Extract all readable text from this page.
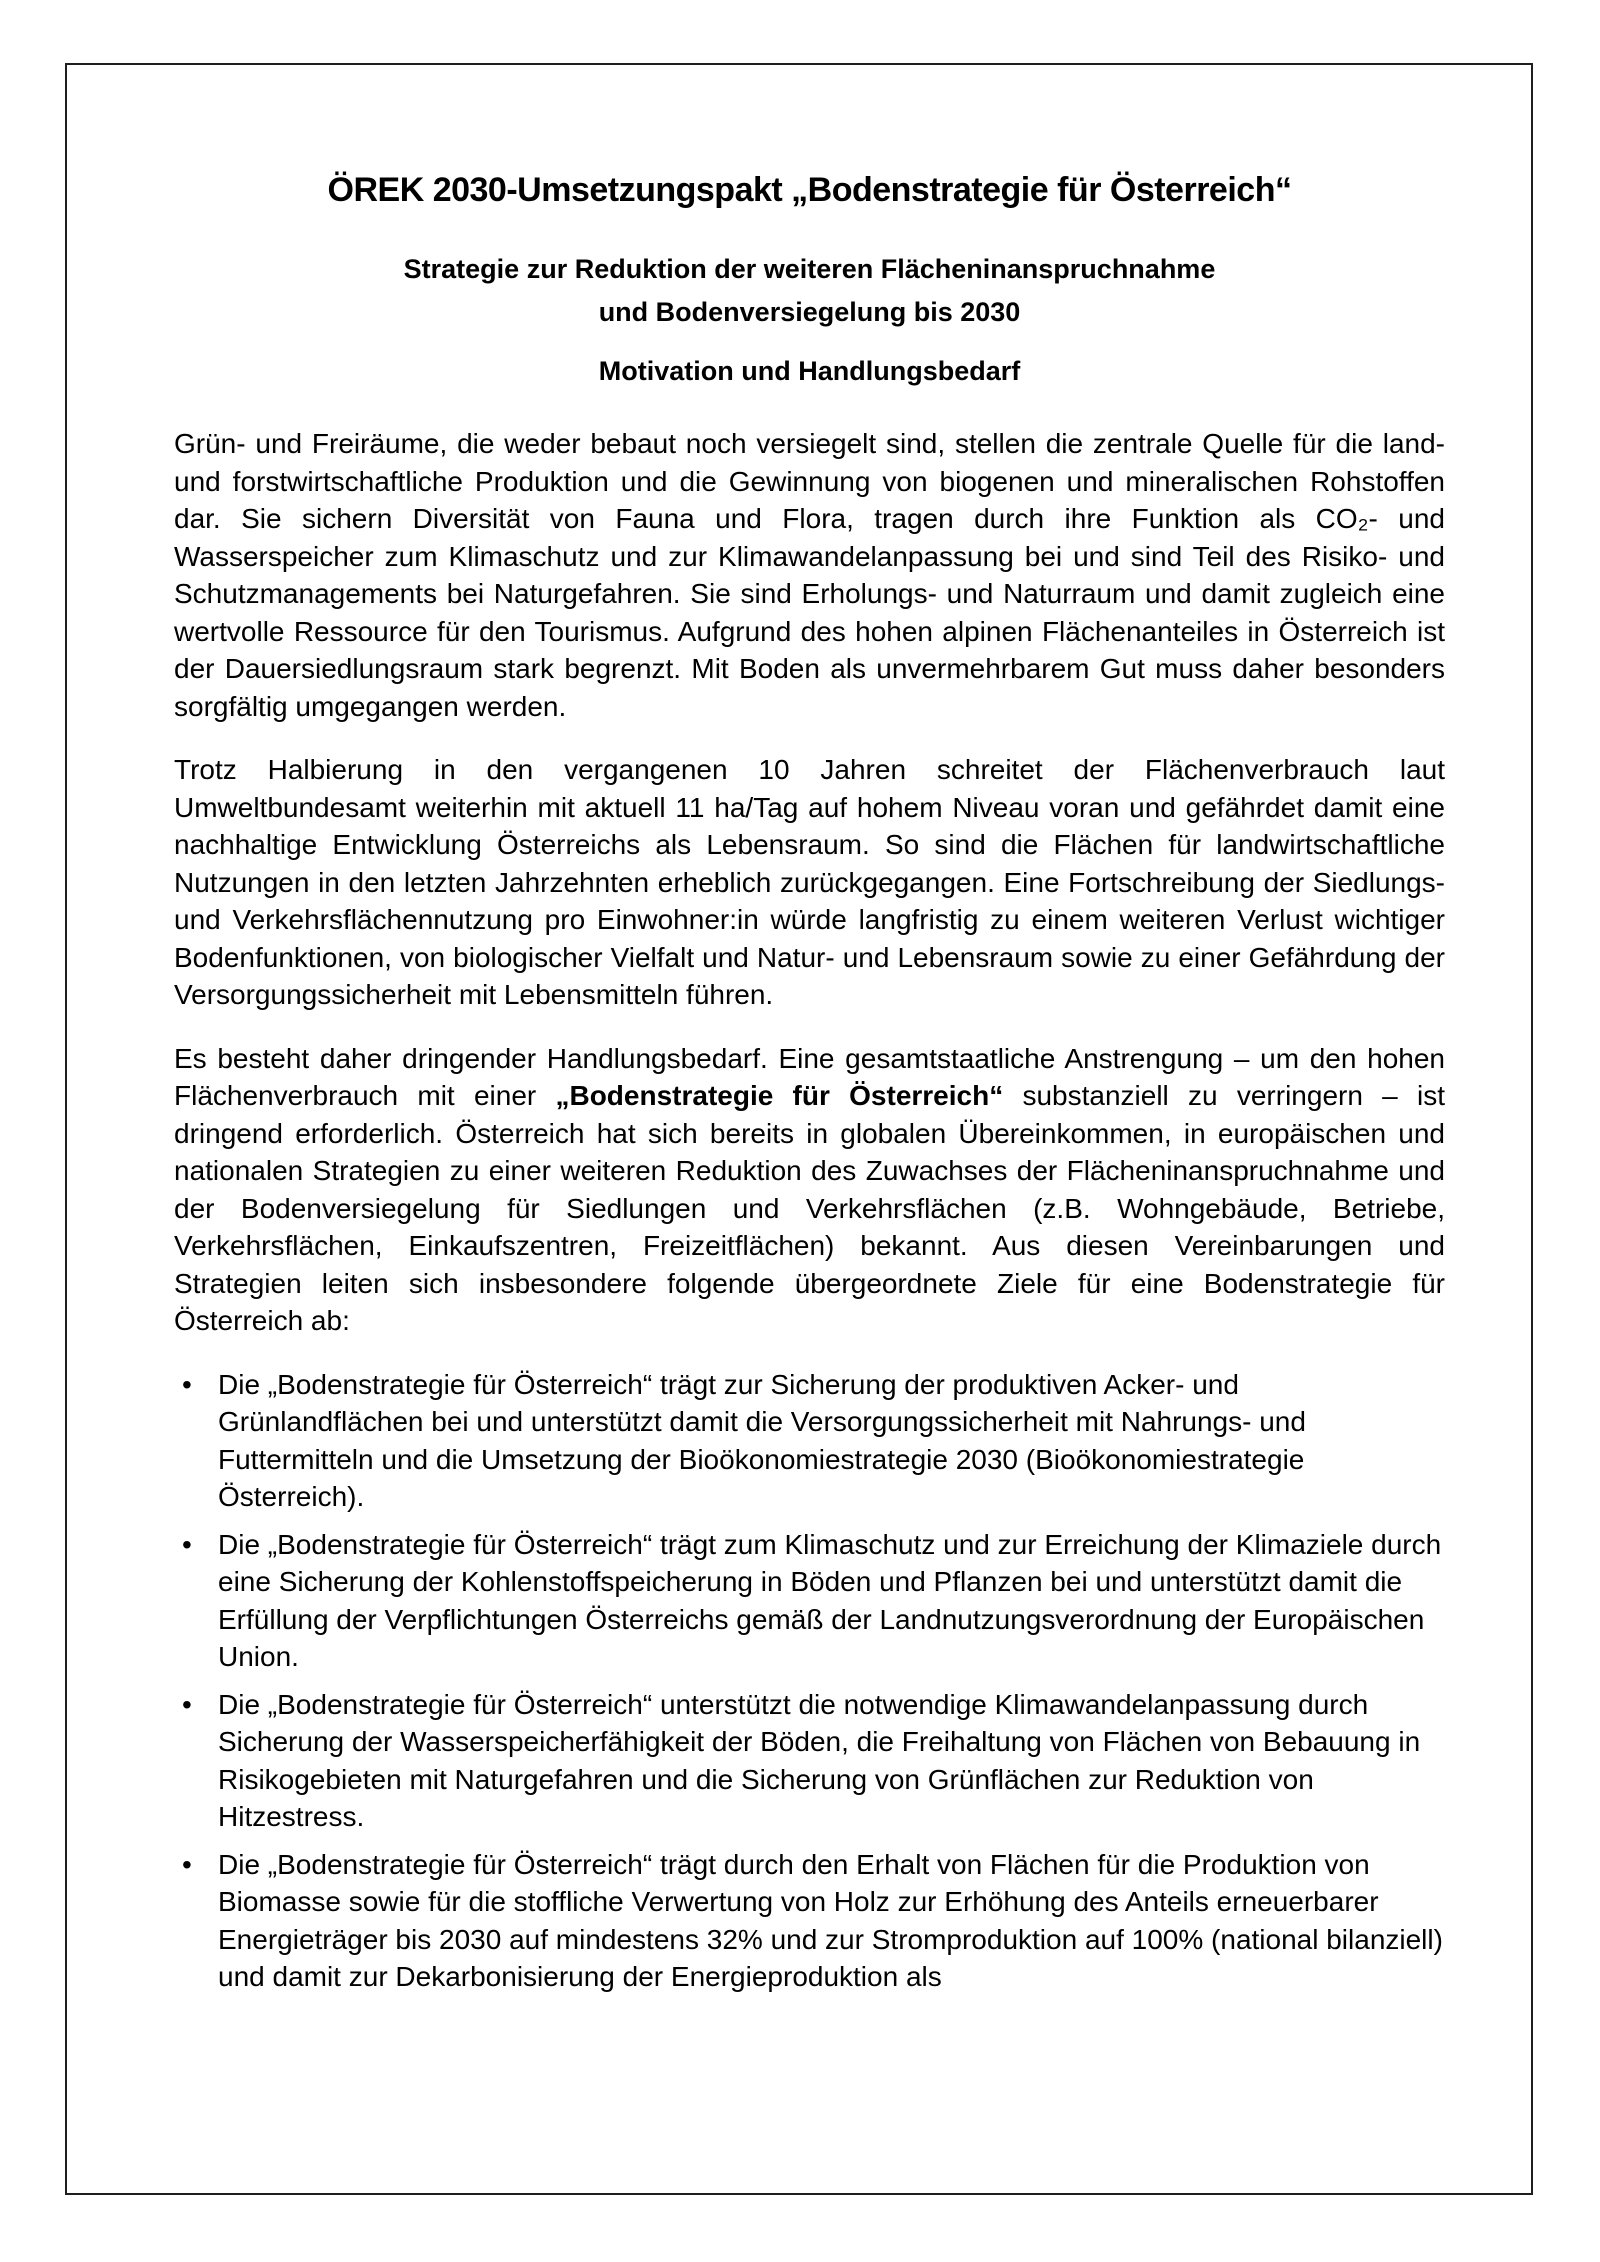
ÖREK 2030-Umsetzungspakt „Bodenstrategie für Österreich“

Strategie zur Reduktion der weiteren Flächeninanspruchnahme
und Bodenversiegelung bis 2030

Motivation und Handlungsbedarf

Grün- und Freiräume, die weder bebaut noch versiegelt sind, stellen die zentrale Quelle für die land- und forstwirtschaftliche Produktion und die Gewinnung von biogenen und mineralischen Rohstoffen dar. Sie sichern Diversität von Fauna und Flora, tragen durch ihre Funktion als CO₂- und Wasserspeicher zum Klimaschutz und zur Klimawandelanpassung bei und sind Teil des Risiko- und Schutzmanagements bei Naturgefahren. Sie sind Erholungs- und Naturraum und damit zugleich eine wertvolle Ressource für den Tourismus. Aufgrund des hohen alpinen Flächenanteiles in Österreich ist der Dauersiedlungsraum stark begrenzt. Mit Boden als unvermehrbarem Gut muss daher besonders sorgfältig umgegangen werden.

Trotz Halbierung in den vergangenen 10 Jahren schreitet der Flächenverbrauch laut Umweltbundesamt weiterhin mit aktuell 11 ha/Tag auf hohem Niveau voran und gefährdet damit eine nachhaltige Entwicklung Österreichs als Lebensraum. So sind die Flächen für landwirtschaftliche Nutzungen in den letzten Jahrzehnten erheblich zurückgegangen. Eine Fortschreibung der Siedlungs- und Verkehrsflächennutzung pro Einwohner:in würde langfristig zu einem weiteren Verlust wichtiger Bodenfunktionen, von biologischer Vielfalt und Natur- und Lebensraum sowie zu einer Gefährdung der Versorgungssicherheit mit Lebensmitteln führen.

Es besteht daher dringender Handlungsbedarf. Eine gesamtstaatliche Anstrengung – um den hohen Flächenverbrauch mit einer „Bodenstrategie für Österreich“ substanziell zu verringern – ist dringend erforderlich. Österreich hat sich bereits in globalen Übereinkommen, in europäischen und nationalen Strategien zu einer weiteren Reduktion des Zuwachses der Flächeninanspruchnahme und der Bodenversiegelung für Siedlungen und Verkehrsflächen (z.B. Wohngebäude, Betriebe, Verkehrsflächen, Einkaufszentren, Freizeitflächen) bekannt. Aus diesen Vereinbarungen und Strategien leiten sich insbesondere folgende übergeordnete Ziele für eine Bodenstrategie für Österreich ab:

• Die „Bodenstrategie für Österreich“ trägt zur Sicherung der produktiven Acker- und Grünlandflächen bei und unterstützt damit die Versorgungssicherheit mit Nahrungs- und Futtermitteln und die Umsetzung der Bioökonomiestrategie 2030 (Bioökonomiestrategie Österreich).
• Die „Bodenstrategie für Österreich“ trägt zum Klimaschutz und zur Erreichung der Klimaziele durch eine Sicherung der Kohlenstoffspeicherung in Böden und Pflanzen bei und unterstützt damit die Erfüllung der Verpflichtungen Österreichs gemäß der Landnutzungsverordnung der Europäischen Union.
• Die „Bodenstrategie für Österreich“ unterstützt die notwendige Klimawandelanpassung durch Sicherung der Wasserspeicherfähigkeit der Böden, die Freihaltung von Flächen von Bebauung in Risikogebieten mit Naturgefahren und die Sicherung von Grünflächen zur Reduktion von Hitzestress.
• Die „Bodenstrategie für Österreich“ trägt durch den Erhalt von Flächen für die Produktion von Biomasse sowie für die stoffliche Verwertung von Holz zur Erhöhung des Anteils erneuerbarer Energieträger bis 2030 auf mindestens 32% und zur Stromproduktion auf 100% (national bilanziell) und damit zur Dekarbonisierung der Energieproduktion als
